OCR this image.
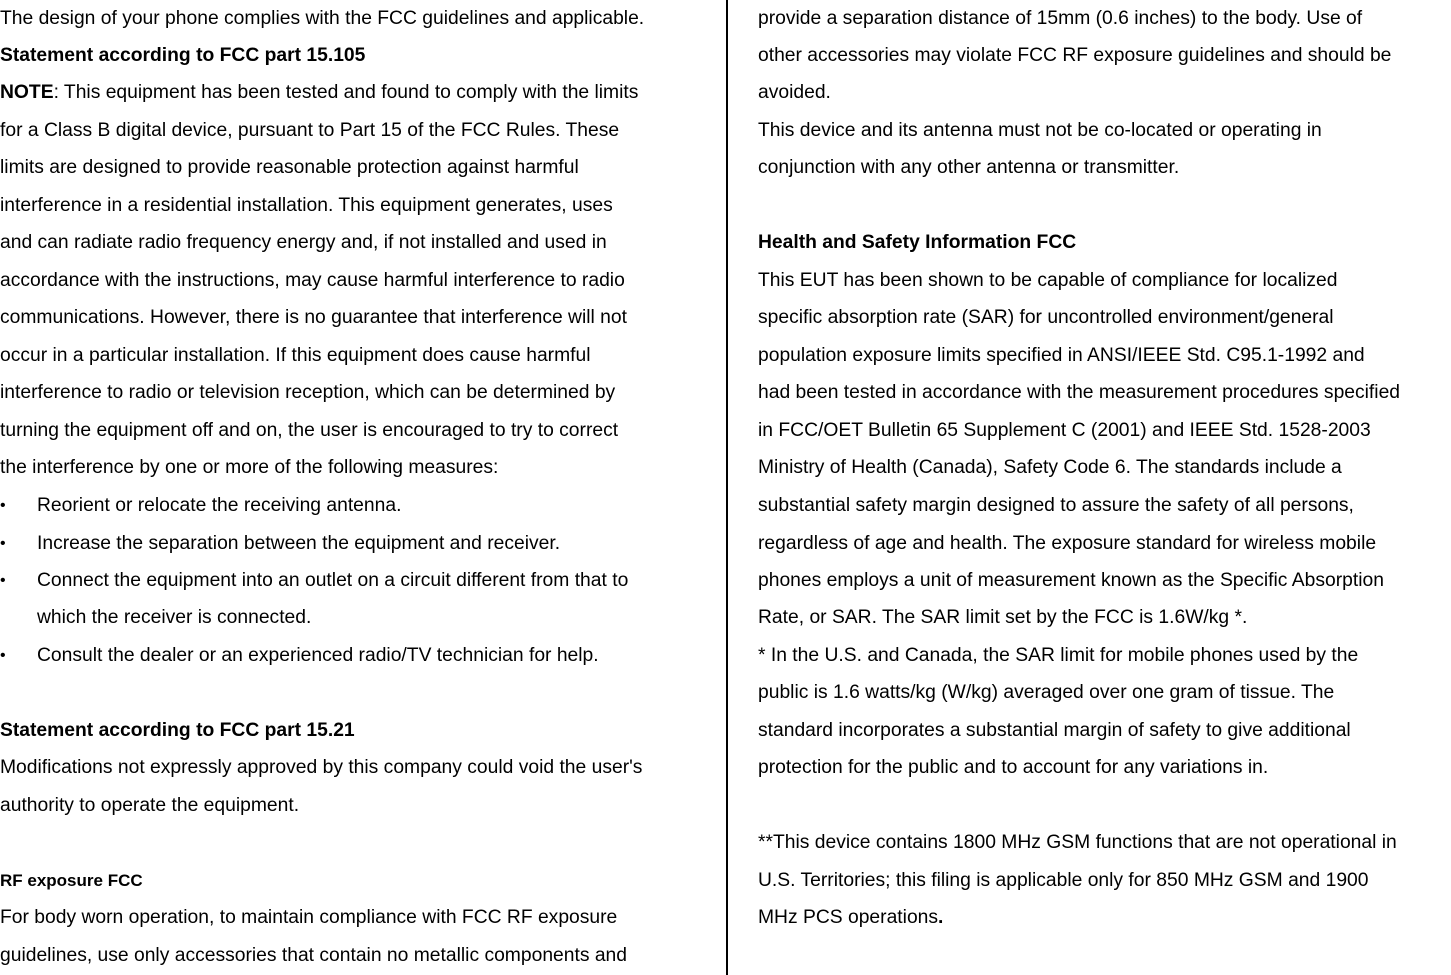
The design of your phone complies with the FCC guidelines and applicable.
Statement according to FCC part 15.105
NOTE: This equipment has been tested and found to comply with the limits
for a Class B digital device, pursuant to Part 15 of the FCC Rules. These
limits are designed to provide reasonable protection against harmful
interference in a residential installation. This equipment generates, uses
and can radiate radio frequency energy and, if not installed and used in
accordance with the instructions, may cause harmful interference to radio
communications. However, there is no guarantee that interference will not
occur in a particular installation. If this equipment does cause harmful
interference to radio or television reception, which can be determined by
turning the equipment off and on, the user is encouraged to try to correct
the interference by one or more of the following measures:
• Reorient or relocate the receiving antenna.
• Increase the separation between the equipment and receiver.
• Connect the equipment into an outlet on a circuit different from that to
which the receiver is connected.
• Consult the dealer or an experienced radio/TV technician for help.
Statement according to FCC part 15.21
Modifications not expressly approved by this company could void the user's
authority to operate the equipment.
RF exposure FCC
For body worn operation, to maintain compliance with FCC RF exposure
guidelines, use only accessories that contain no metallic components and
provide a separation distance of 15mm (0.6 inches) to the body. Use of
other accessories may violate FCC RF exposure guidelines and should be
avoided.
This device and its antenna must not be co-located or operating in
conjunction with any other antenna or transmitter.
Health and Safety Information FCC
This EUT has been shown to be capable of compliance for localized
specific absorption rate (SAR) for uncontrolled environment/general
population exposure limits specified in ANSI/IEEE Std. C95.1-1992 and
had been tested in accordance with the measurement procedures specified
in FCC/OET Bulletin 65 Supplement C (2001) and IEEE Std. 1528-2003
Ministry of Health (Canada), Safety Code 6. The standards include a
substantial safety margin designed to assure the safety of all persons,
regardless of age and health. The exposure standard for wireless mobile
phones employs a unit of measurement known as the Specific Absorption
Rate, or SAR. The SAR limit set by the FCC is 1.6W/kg *.
* In the U.S. and Canada, the SAR limit for mobile phones used by the
public is 1.6 watts/kg (W/kg) averaged over one gram of tissue. The
standard incorporates a substantial margin of safety to give additional
protection for the public and to account for any variations in.
**This device contains 1800 MHz GSM functions that are not operational in
U.S. Territories; this filing is applicable only for 850 MHz GSM and 1900
MHz PCS operations.
